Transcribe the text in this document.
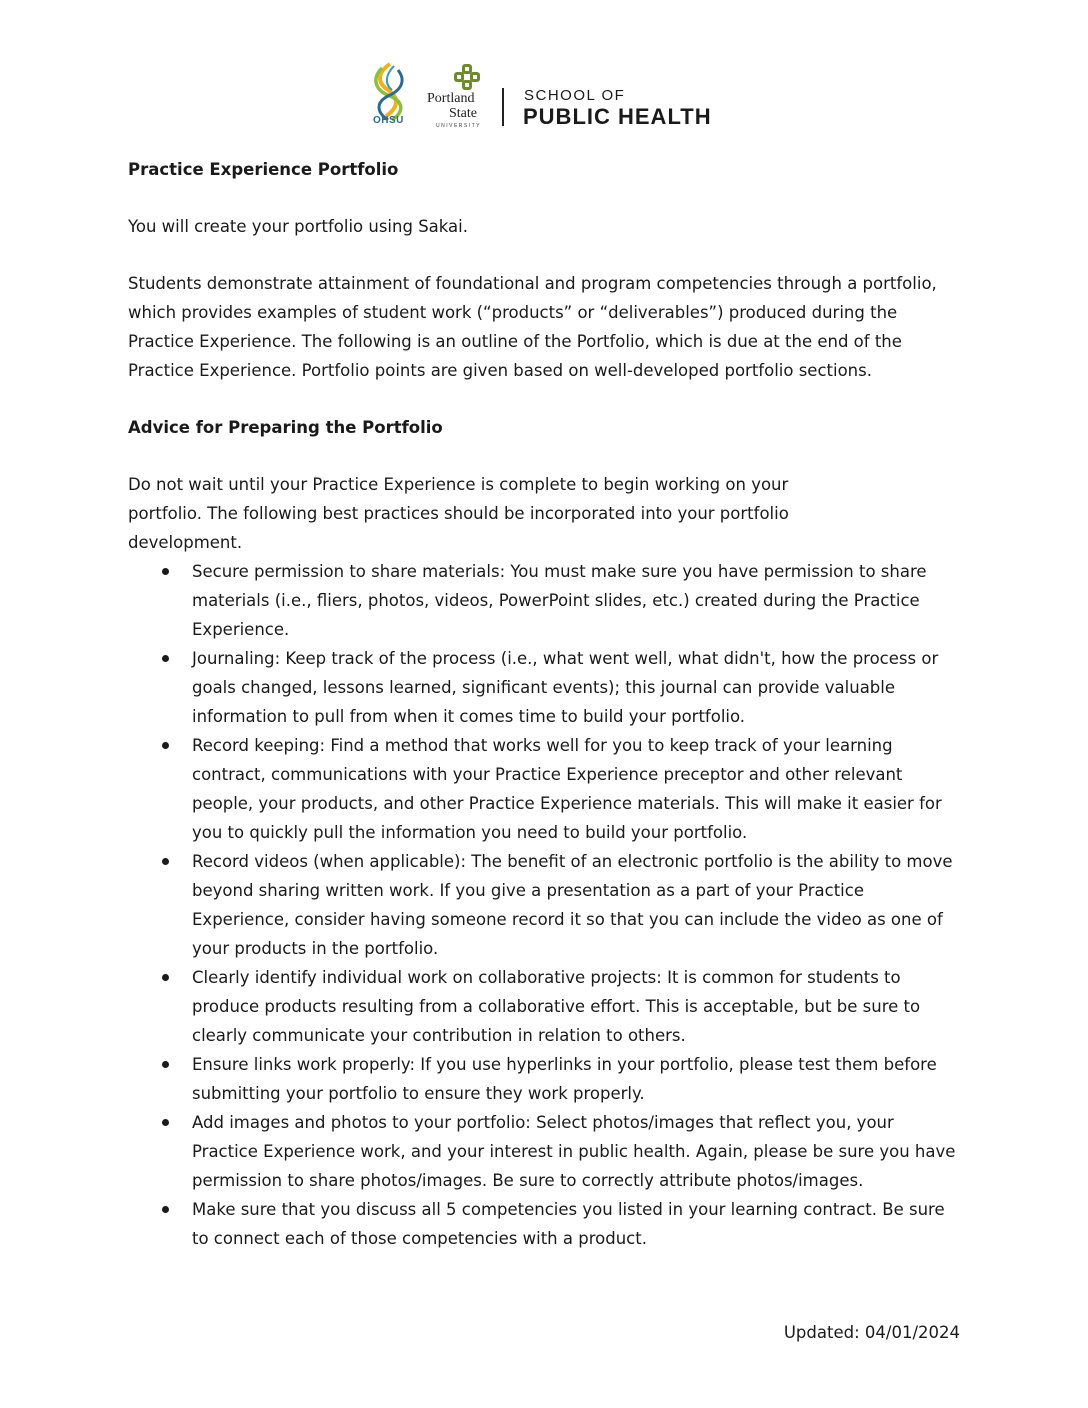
OHSU
Portland
State
UNIVERSITY
SCHOOL OF
PUBLIC HEALTH

Practice Experience Portfolio

You will create your portfolio using Sakai.

Students demonstrate attainment of foundational and program competencies through a portfolio, which provides examples of student work (“products” or “deliverables”) produced during the Practice Experience. The following is an outline of the Portfolio, which is due at the end of the Practice Experience. Portfolio points are given based on well-developed portfolio sections.

Advice for Preparing the Portfolio

Do not wait until your Practice Experience is complete to begin working on your portfolio. The following best practices should be incorporated into your portfolio development.

Secure permission to share materials: You must make sure you have permission to share materials (i.e., fliers, photos, videos, PowerPoint slides, etc.) created during the Practice Experience.
Journaling: Keep track of the process (i.e., what went well, what didn't, how the process or goals changed, lessons learned, significant events); this journal can provide valuable information to pull from when it comes time to build your portfolio.
Record keeping: Find a method that works well for you to keep track of your learning contract, communications with your Practice Experience preceptor and other relevant people, your products, and other Practice Experience materials. This will make it easier for you to quickly pull the information you need to build your portfolio.
Record videos (when applicable): The benefit of an electronic portfolio is the ability to move beyond sharing written work. If you give a presentation as a part of your Practice Experience, consider having someone record it so that you can include the video as one of your products in the portfolio.
Clearly identify individual work on collaborative projects: It is common for students to produce products resulting from a collaborative effort. This is acceptable, but be sure to clearly communicate your contribution in relation to others.
Ensure links work properly: If you use hyperlinks in your portfolio, please test them before submitting your portfolio to ensure they work properly.
Add images and photos to your portfolio: Select photos/images that reflect you, your Practice Experience work, and your interest in public health. Again, please be sure you have permission to share photos/images. Be sure to correctly attribute photos/images.
Make sure that you discuss all 5 competencies you listed in your learning contract. Be sure to connect each of those competencies with a product.
Updated: 04/01/2024
